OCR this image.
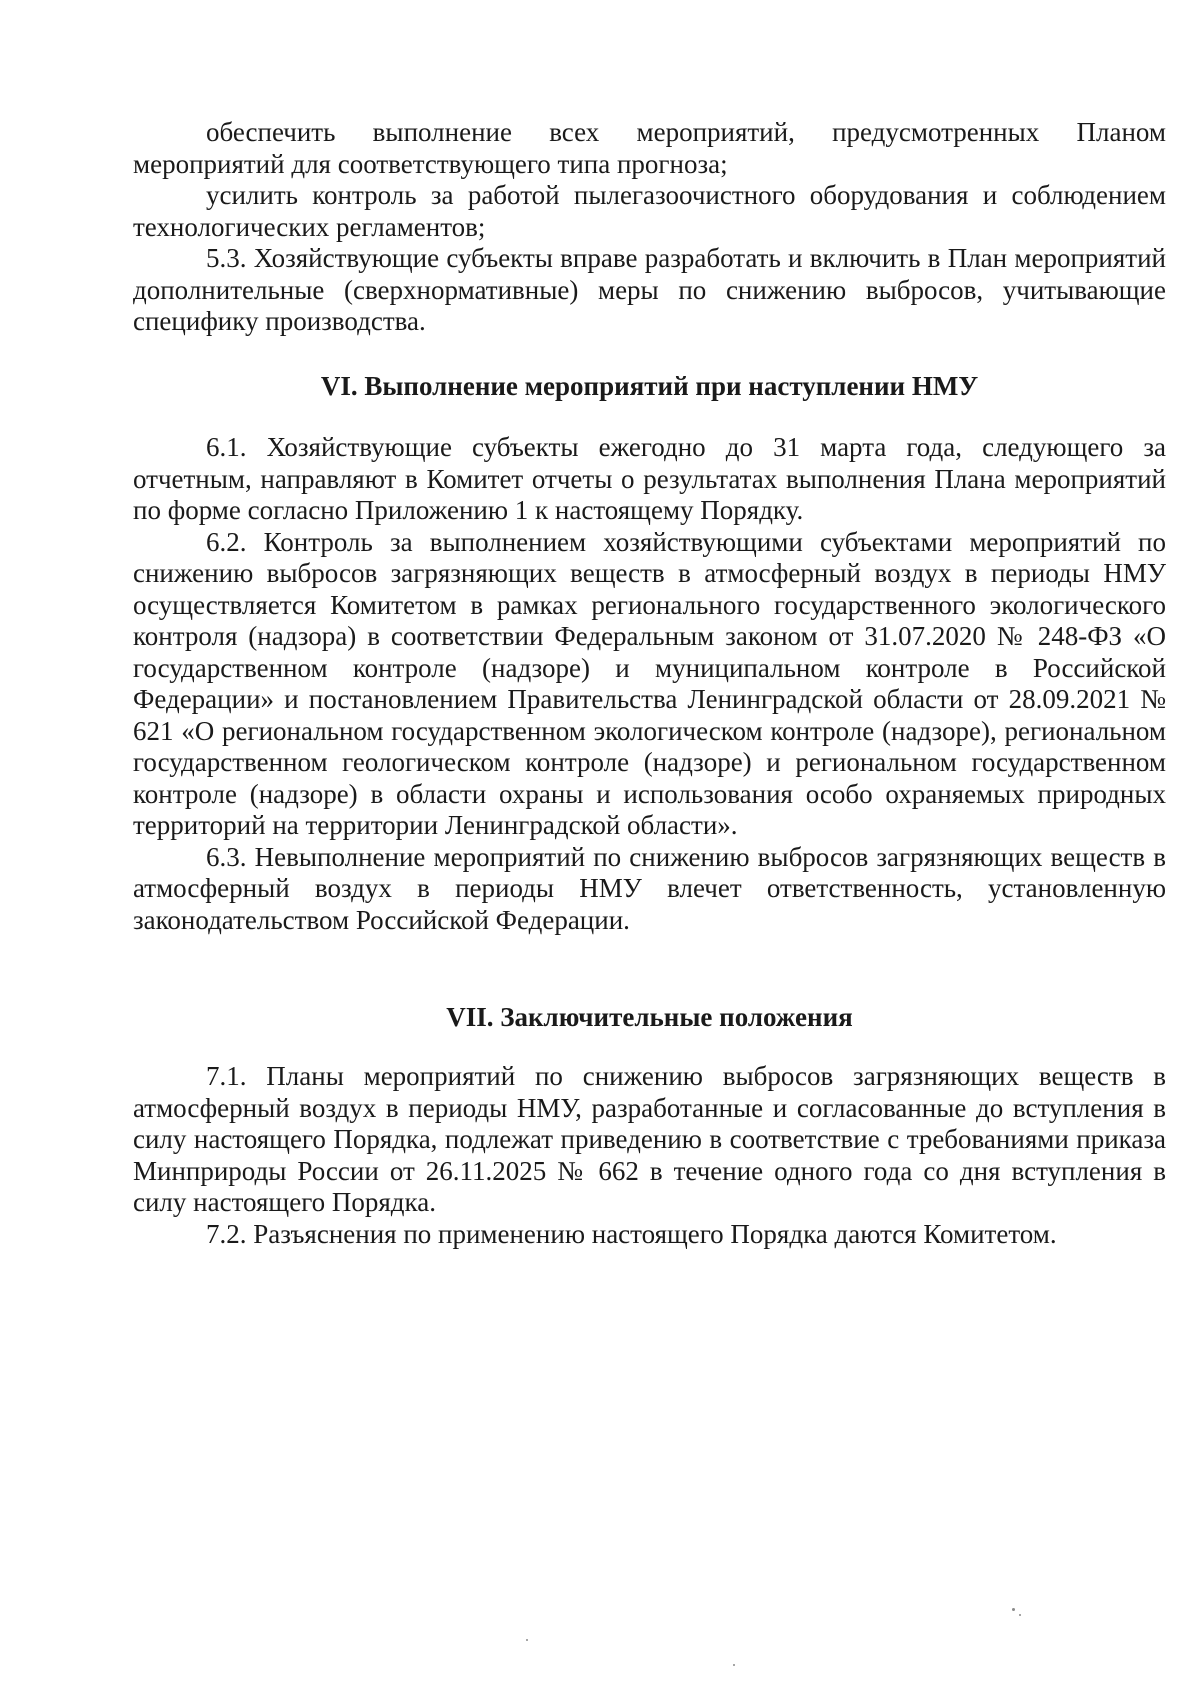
обеспечить выполнение всех мероприятий, предусмотренных Планом мероприятий для соответствующего типа прогноза;

усилить контроль за работой пылегазоочистного оборудования и соблюдением технологических регламентов;

5.3. Хозяйствующие субъекты вправе разработать и включить в План мероприятий дополнительные (сверхнормативные) меры по снижению выбросов, учитывающие специфику производства.

VI. Выполнение мероприятий при наступлении НМУ

6.1. Хозяйствующие субъекты ежегодно до 31 марта года, следующего за отчетным, направляют в Комитет отчеты о результатах выполнения Плана мероприятий по форме согласно Приложению 1 к настоящему Порядку.

6.2. Контроль за выполнением хозяйствующими субъектами мероприятий по снижению выбросов загрязняющих веществ в атмосферный воздух в периоды НМУ осуществляется Комитетом в рамках регионального государственного экологического контроля (надзора) в соответствии Федеральным законом от 31.07.2020 № 248-ФЗ «О государственном контроле (надзоре) и муниципальном контроле в Российской Федерации» и постановлением Правительства Ленинградской области от 28.09.2021 № 621 «О региональном государственном экологическом контроле (надзоре), региональном государственном геологическом контроле (надзоре) и региональном государственном контроле (надзоре) в области охраны и использования особо охраняемых природных территорий на территории Ленинградской области».

6.3. Невыполнение мероприятий по снижению выбросов загрязняющих веществ в атмосферный воздух в периоды НМУ влечет ответственность, установленную законодательством Российской Федерации.

VII. Заключительные положения

7.1. Планы мероприятий по снижению выбросов загрязняющих веществ в атмосферный воздух в периоды НМУ, разработанные и согласованные до вступления в силу настоящего Порядка, подлежат приведению в соответствие с требованиями приказа Минприроды России от 26.11.2025 № 662 в течение одного года со дня вступления в силу настоящего Порядка.

7.2. Разъяснения по применению настоящего Порядка даются Комитетом.
